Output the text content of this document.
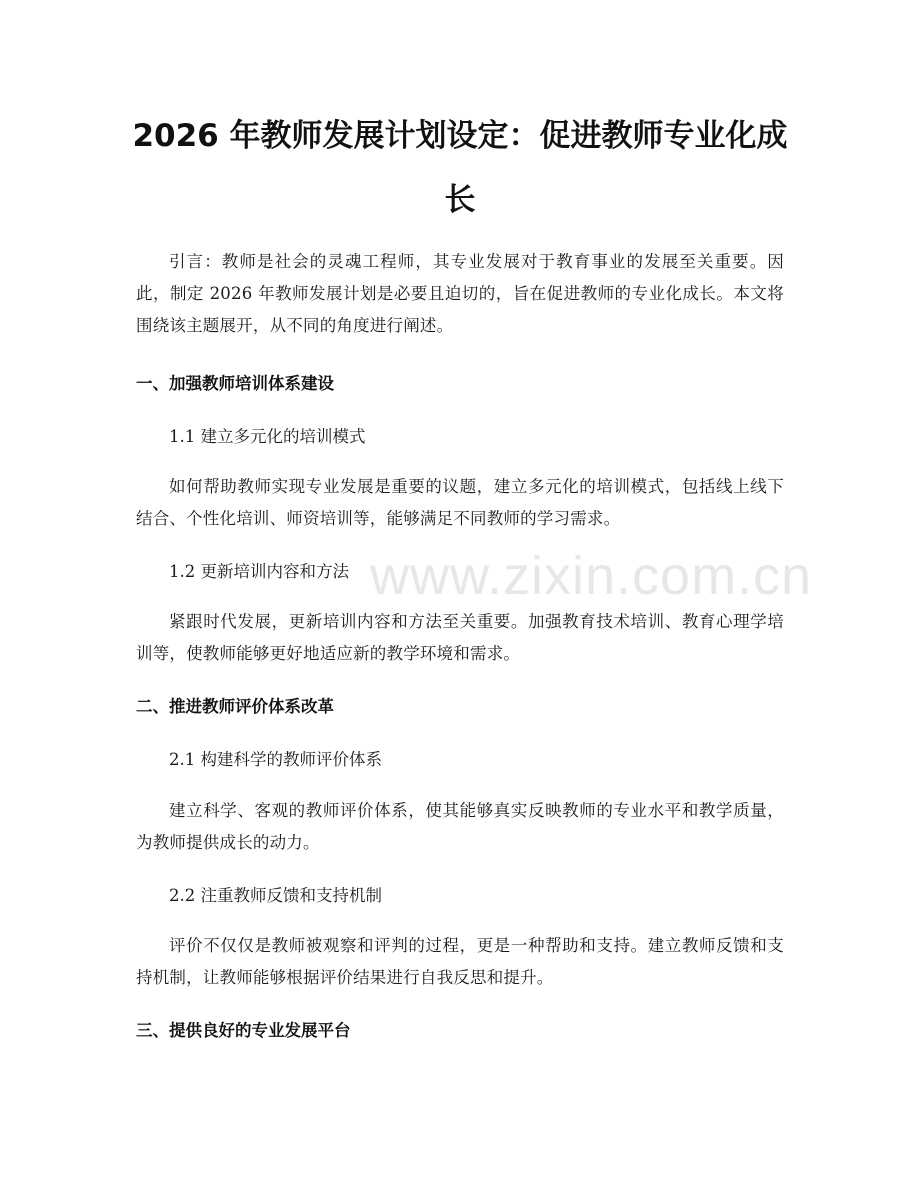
2026 年教师发展计划设定：促进教师专业化成长

引言：教师是社会的灵魂工程师，其专业发展对于教育事业的发展至关重要。因此，制定 2026 年教师发展计划是必要且迫切的，旨在促进教师的专业化成长。本文将围绕该主题展开，从不同的角度进行阐述。

一、加强教师培训体系建设

1.1 建立多元化的培训模式

如何帮助教师实现专业发展是重要的议题，建立多元化的培训模式，包括线上线下结合、个性化培训、师资培训等，能够满足不同教师的学习需求。

1.2 更新培训内容和方法

紧跟时代发展，更新培训内容和方法至关重要。加强教育技术培训、教育心理学培训等，使教师能够更好地适应新的教学环境和需求。

二、推进教师评价体系改革

2.1 构建科学的教师评价体系

建立科学、客观的教师评价体系，使其能够真实反映教师的专业水平和教学质量，为教师提供成长的动力。

2.2 注重教师反馈和支持机制

评价不仅仅是教师被观察和评判的过程，更是一种帮助和支持。建立教师反馈和支持机制，让教师能够根据评价结果进行自我反思和提升。

三、提供良好的专业发展平台
www.zixin.com.cn
